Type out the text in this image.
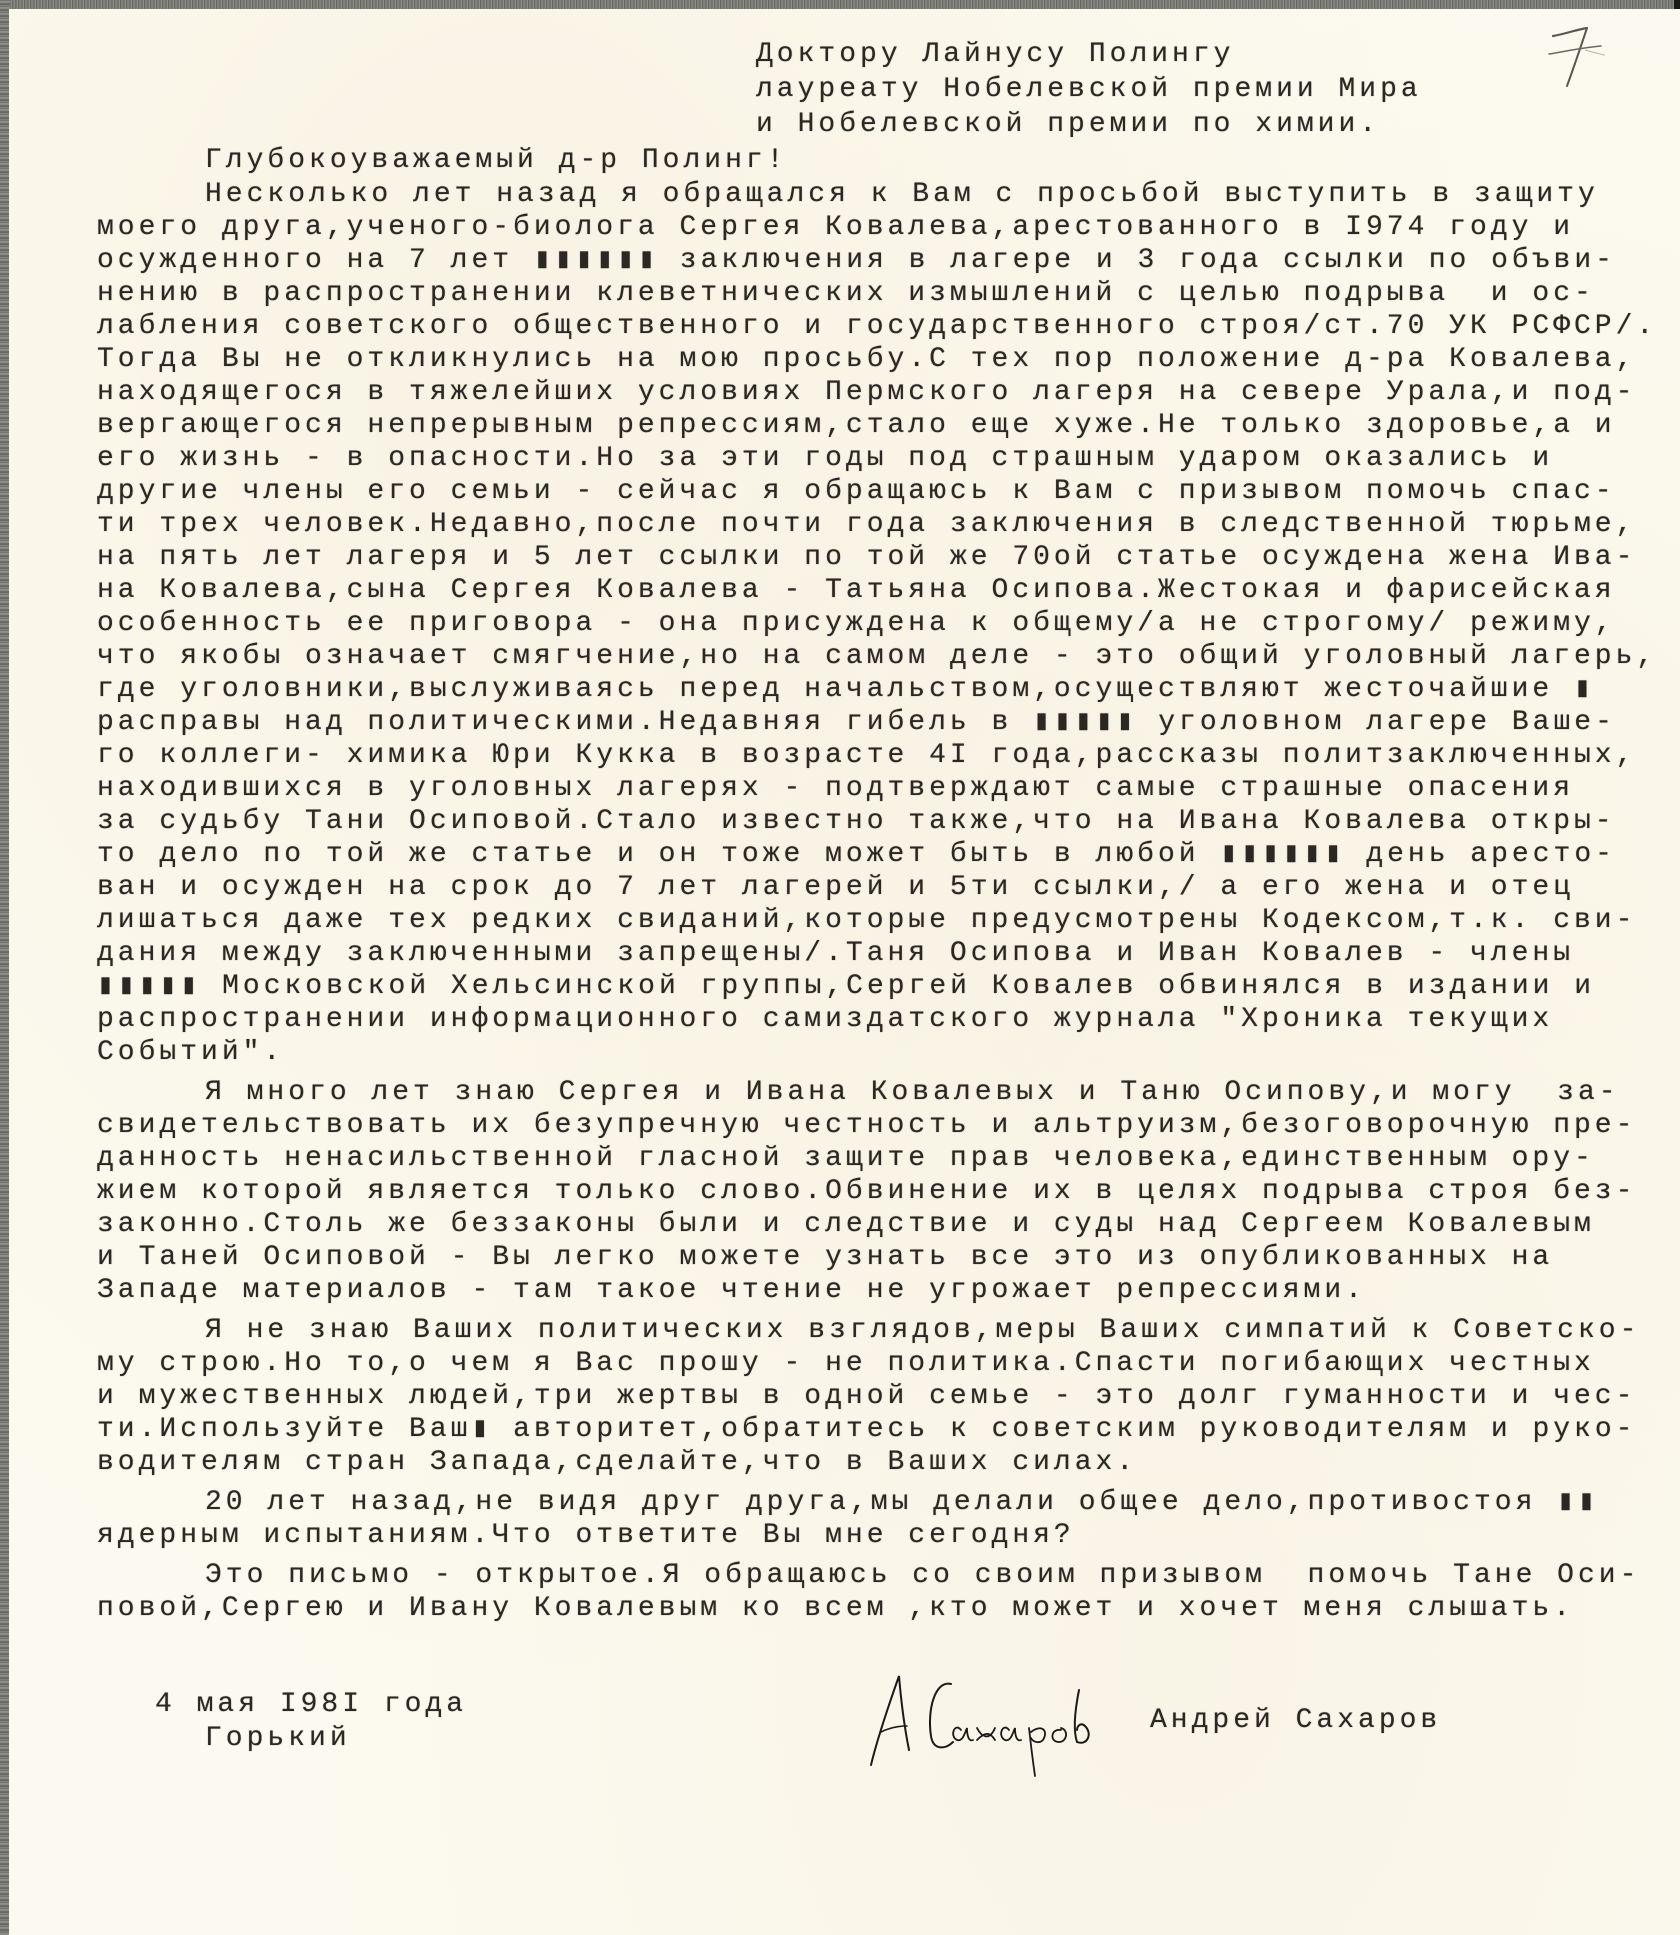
Доктору Лайнусу Полингу
лауреату Нобелевской премии Мира
и Нобелевской премии по химии.
Глубокоуважаемый д-р Полинг!
Несколько лет назад я обращался к Вам с просьбой выступить в защиту
моего друга,ученого-биолога Сергея Ковалева,арестованного в I974 году и
осужденного на 7 лет ▮▮▮▮▮▮ заключения в лагере и 3 года ссылки по объви-
нению в распространении клеветнических измышлений с целью подрыва  и ос-
лабления советского общественного и государственного строя/ст.70 УК РСФСР/.
Тогда Вы не откликнулись на мою просьбу.С тех пор положение д-ра Ковалева,
находящегося в тяжелейших условиях Пермского лагеря на севере Урала,и под-
вергающегося непрерывным репрессиям,стало еще хуже.Не только здоровье,а и
его жизнь - в опасности.Но за эти годы под страшным ударом оказались и
другие члены его семьи - сейчас я обращаюсь к Вам с призывом помочь спас-
ти трех человек.Недавно,после почти года заключения в следственной тюрьме,
на пять лет лагеря и 5 лет ссылки по той же 70ой статье осуждена жена Ива-
на Ковалева,сына Сергея Ковалева - Татьяна Осипова.Жестокая и фарисейская
особенность ее приговора - она присуждена к общему/а не строгому/ режиму,
что якобы означает смягчение,но на самом деле - это общий уголовный лагерь,
где уголовники,выслуживаясь перед начальством,осуществляют жесточайшие ▮
расправы над политическими.Недавняя гибель в ▮▮▮▮▮ уголовном лагере Ваше-
го коллеги- химика Юри Кукка в возрасте 4I года,рассказы политзаключенных,
находившихся в уголовных лагерях - подтверждают самые страшные опасения
за судьбу Тани Осиповой.Стало известно также,что на Ивана Ковалева откры-
то дело по той же статье и он тоже может быть в любой ▮▮▮▮▮▮ день аресто-
ван и осужден на срок до 7 лет лагерей и 5ти ссылки,/ а его жена и отец
лишаться даже тех редких свиданий,которые предусмотрены Кодексом,т.к. сви-
дания между заключенными запрещены/.Таня Осипова и Иван Ковалев - члены
▮▮▮▮▮ Московской Хельсинской группы,Сергей Ковалев обвинялся в издании и
распространении информационного самиздатского журнала "Хроника текущих
Событий".
Я много лет знаю Сергея и Ивана Ковалевых и Таню Осипову,и могу  за-
свидетельствовать их безупречную честность и альтруизм,безоговорочную пре-
данность ненасильственной гласной защите прав человека,единственным ору-
жием которой является только слово.Обвинение их в целях подрыва строя без-
законно.Столь же беззаконы были и следствие и суды над Сергеем Ковалевым
и Таней Осиповой - Вы легко можете узнать все это из опубликованных на
Западе материалов - там такое чтение не угрожает репрессиями.
Я не знаю Ваших политических взглядов,меры Ваших симпатий к Советско-
му строю.Но то,о чем я Вас прошу - не политика.Спасти погибающих честных
и мужественных людей,три жертвы в одной семье - это долг гуманности и чес-
ти.Используйте Ваш▮ авторитет,обратитесь к советским руководителям и руко-
водителям стран Запада,сделайте,что в Ваших силах.
20 лет назад,не видя друг друга,мы делали общее дело,противостоя ▮▮
ядерным испытаниям.Что ответите Вы мне сегодня?
Это письмо - открытое.Я обращаюсь со своим призывом  помочь Тане Оси-
повой,Сергею и Ивану Ковалевым ко всем ,кто может и хочет меня слышать.
4 мая I98I года
Горький
Андрей Сахаров
